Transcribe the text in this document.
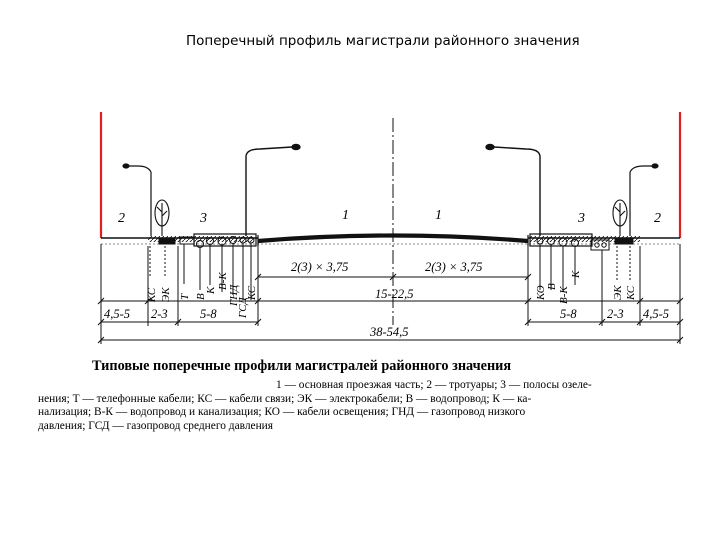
Поперечный профиль магистрали районного значения
2	3	1	1	3	2
2(3) × 3,75	2(3) × 3,75
4,5-5 2-3	5-8
15-22,5
5-8 2-3 4,5-5
38-54,5
КС ЭК Т В
К
В-К
ГНД КС
ГСД
КО В В-К
К
ЭК КС
Типовые поперечные профили магистралей районного значения
1 — основная проезжая часть; 2 — тротуары; 3 — полосы озеле-
нения; Т — телефонные кабели; КС — кабели связи; ЭК — электрокабели; В — водопровод; К — ка-
нализация; В-К — водопровод и канализация; КО — кабели освещения; ГНД — газопровод низкого
давления; ГСД — газопровод среднего давления
